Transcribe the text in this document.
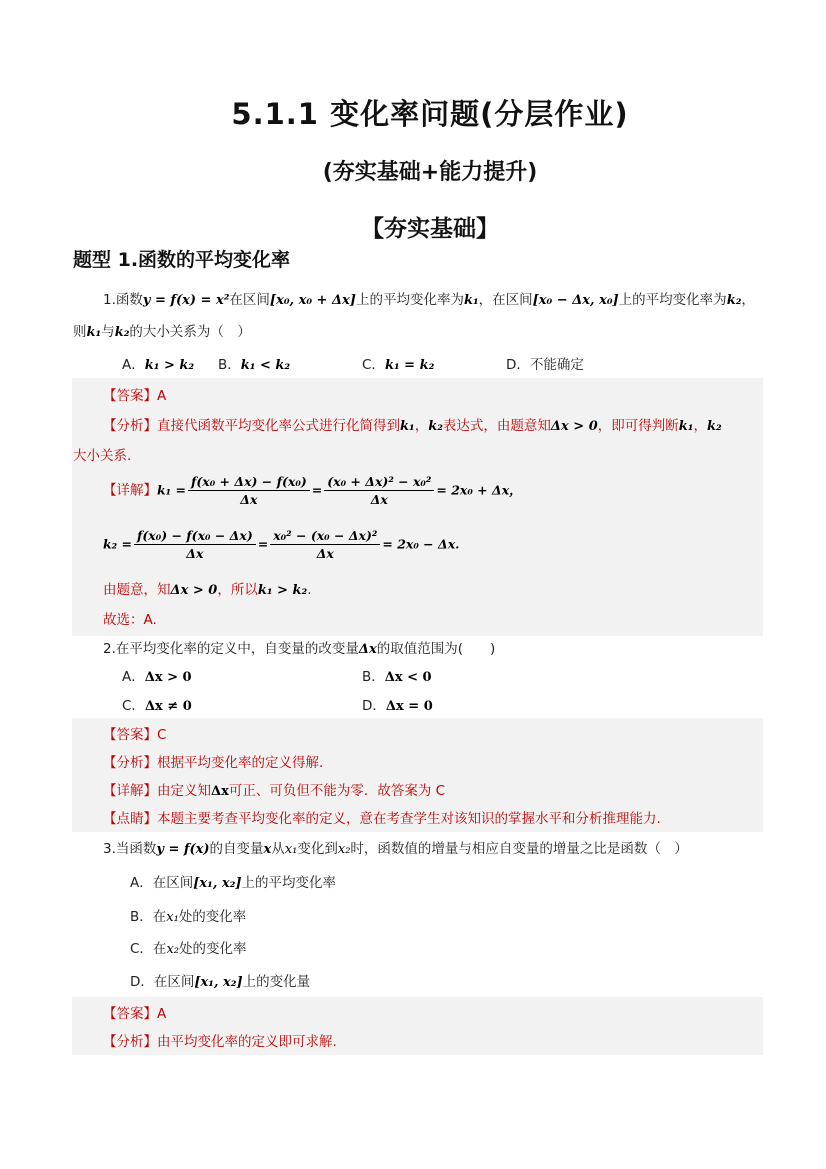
5.1.1 变化率问题(分层作业)
(夯实基础+能力提升)
【夯实基础】
题型 1.函数的平均变化率
1.函数y = f(x) = x²在区间[x₀, x₀ + Δx]上的平均变化率为k₁，在区间[x₀ − Δx, x₀]上的平均变化率为k₂，
则k₁与k₂的大小关系为（　）
A．k₁ > k₂ B．k₁ < k₂	C．k₁ = k₂	D．不能确定
【答案】A
【分析】直接代函数平均变化率公式进行化简得到k₁，k₂表达式，由题意知Δx > 0，即可得判断k₁，k₂
大小关系.
【详解】$k_1 = \frac{\text{f(x₀ + Δx) − f(x₀)}}{\Delta x} = \frac{\text{(x₀ + Δx)² − x₀²}}{\Delta x} = 2x_0 + \Delta x$，
$k_2 = \frac{\text{f(x₀) − f(x₀ − Δx)}}{\Delta x} = \frac{\text{x₀² − (x₀ − Δx)²}}{\Delta x} = 2x_0 - \Delta x$.
由题意，知Δx > 0，所以k₁ > k₂.
故选：A.
2.在平均变化率的定义中，自变量的改变量Δx的取值范围为(　　)
A．Δx > 0	B．Δx < 0
C．Δx ≠ 0	D．Δx = 0
【答案】C
【分析】根据平均变化率的定义得解.
【详解】由定义知Δx可正、可负但不能为零．故答案为 C
【点睛】本题主要考查平均变化率的定义，意在考查学生对该知识的掌握水平和分析推理能力.
3.当函数y = f(x)的自变量x从x₁变化到x₂时，函数值的增量与相应自变量的增量之比是函数（　）
A．在区间[x₁, x₂]上的平均变化率
B．在x₁处的变化率
C．在x₂处的变化率
D．在区间[x₁, x₂]上的变化量
【答案】A
【分析】由平均变化率的定义即可求解.
